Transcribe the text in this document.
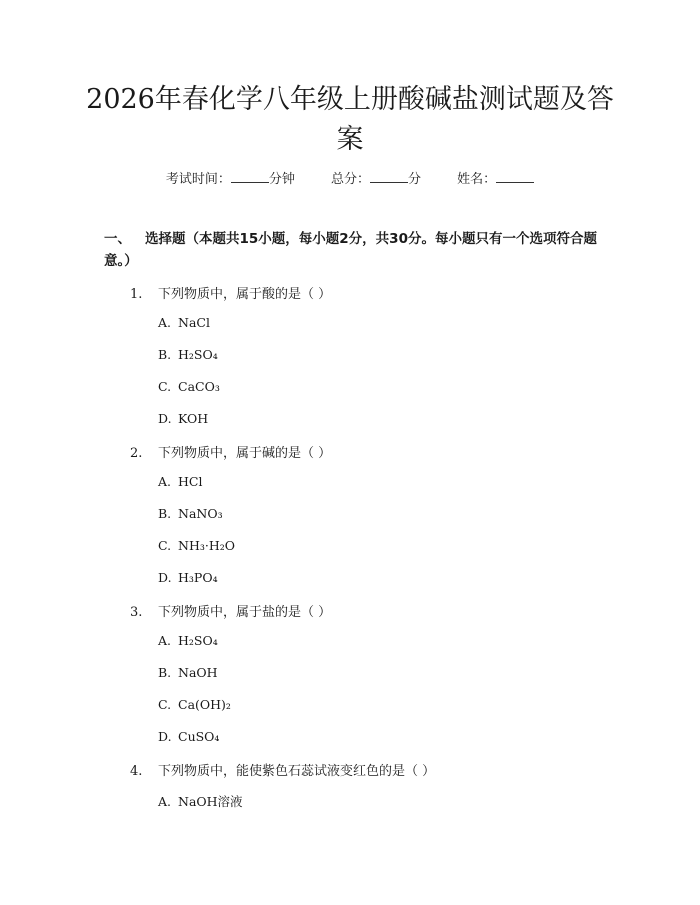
2026年春化学八年级上册酸碱盐测试题及答
案
考试时间：	分钟	总分：	分	姓名：
一、 选择题（本题共15小题，每小题2分，共30分。每小题只有一个选项符合题意。）
1. 下列物质中，属于酸的是（ ）
A. NaCl
B. H₂SO₄
C. CaCO₃
D. KOH
2. 下列物质中，属于碱的是（ ）
A. HCl
B. NaNO₃
C. NH₃·H₂O
D. H₃PO₄
3. 下列物质中，属于盐的是（ ）
A. H₂SO₄
B. NaOH
C. Ca(OH)₂
D. CuSO₄
4. 下列物质中，能使紫色石蕊试液变红色的是（ ）
A. NaOH溶液
